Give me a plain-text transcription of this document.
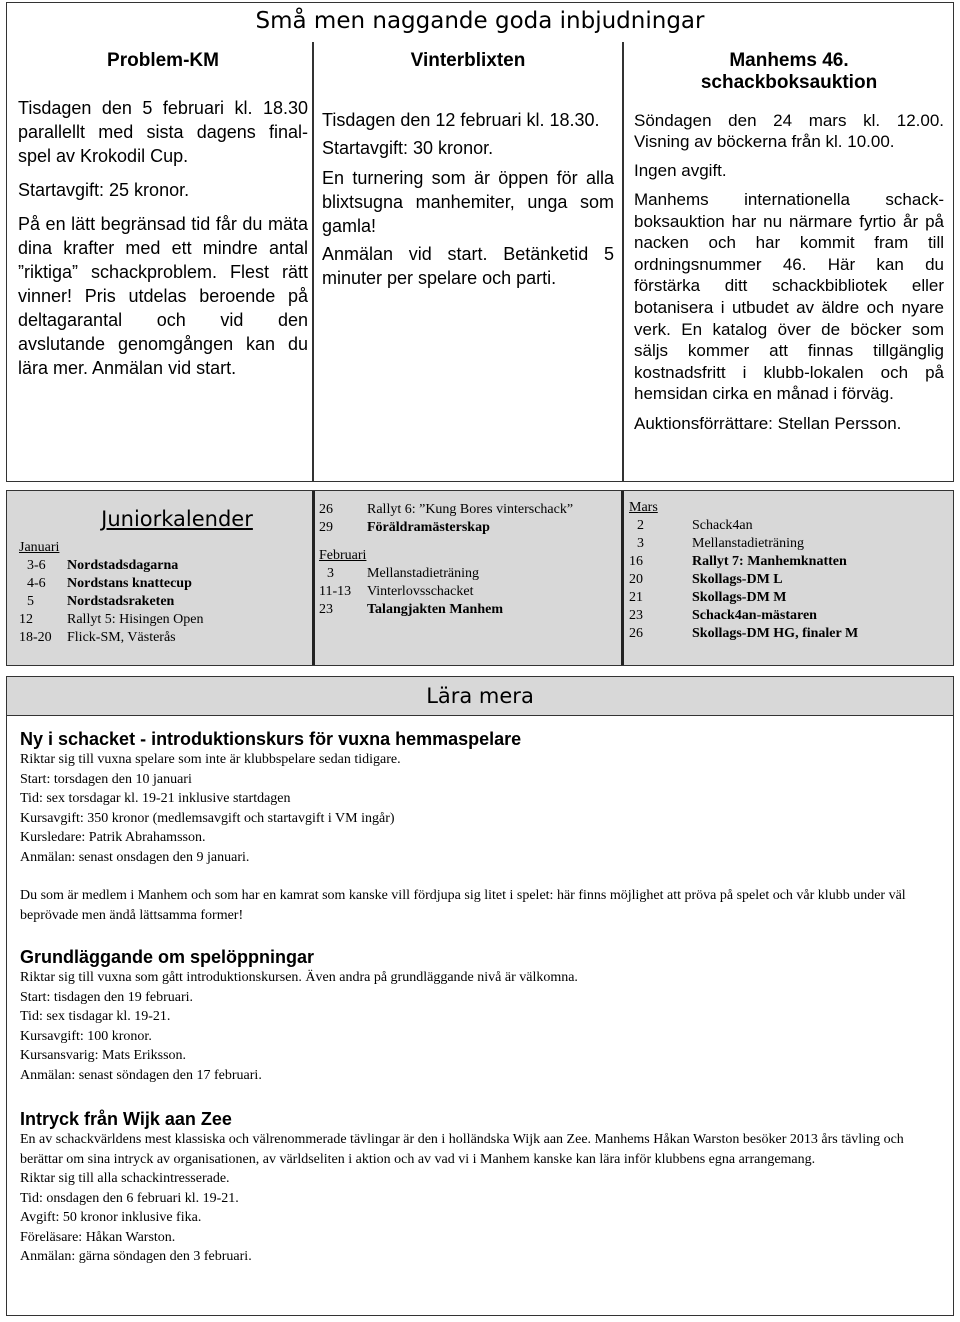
Små men naggande goda inbjudningar
Problem-KM

Tisdagen den 5 februari kl. 18.30 parallellt med sista dagens final-spel av Krokodil Cup.

Startavgift: 25 kronor.

På en lätt begränsad tid får du mäta dina krafter med ett mindre antal ”riktiga” schackproblem. Flest rätt vinner! Pris utdelas beroende på deltagarantal och vid den avslutande genomgången kan du lära mer. Anmälan vid start.

Vinterblixten

Tisdagen den 12 februari kl. 18.30.

Startavgift: 30 kronor.

En turnering som är öppen för alla blixtsugna manhemiter, unga som gamla!

Anmälan vid start. Betänketid 5 minuter per spelare och parti.

Manhems 46.
schackboksauktion

Söndagen den 24 mars kl. 12.00. Visning av böckerna från kl. 10.00.

Ingen avgift.

Manhems internationella schack-boksauktion har nu närmare fyrtio år på nacken och har kommit fram till ordningsnummer 46. Här kan du förstärka ditt schackbibliotek eller botanisera i utbudet av äldre och nyare verk. En katalog över de böcker som säljs kommer att finnas tillgänglig kostnadsfritt i klubb-lokalen och på hemsidan cirka en månad i förväg.

Auktionsförrättare: Stellan Persson.

Juniorkalender
Januari
3-6	Nordstadsdagarna
4-6	Nordstans knattecup
5	Nordstadsraketen
12	Rallyt 5: Hisingen Open
18-20	Flick-SM, Västerås
26	Rallyt 6: ”Kung Bores vinterschack”
29	Föräldramästerskap
Februari
3	Mellanstadieträning
11-13	Vinterlovsschacket
23	Talangjakten Manhem
Mars
2	Schack4an
3	Mellanstadieträning
16	Rallyt 7: Manhemknatten
20	Skollags-DM L
21	Skollags-DM M
23	Schack4an-mästaren
26	Skollags-DM HG, finaler M
Lära mera
Ny i schacket - introduktionskurs för vuxna hemmaspelare
Riktar sig till vuxna spelare som inte är klubbspelare sedan tidigare.
Start: torsdagen den 10 januari
Tid: sex torsdagar kl. 19-21 inklusive startdagen
Kursavgift: 350 kronor (medlemsavgift och startavgift i VM ingår)
Kursledare: Patrik Abrahamsson.
Anmälan: senast onsdagen den 9 januari.
Du som är medlem i Manhem och som har en kamrat som kanske vill fördjupa sig litet i spelet: här finns möjlighet att pröva på spelet och vår klubb under väl beprövade men ändå lättsamma former!
Grundläggande om spelöppningar
Riktar sig till vuxna som gått introduktionskursen. Även andra på grundläggande nivå är välkomna.
Start: tisdagen den 19 februari.
Tid: sex tisdagar kl. 19-21.
Kursavgift: 100 kronor.
Kursansvarig: Mats Eriksson.
Anmälan: senast söndagen den 17 februari.
Intryck från Wijk aan Zee
En av schackvärldens mest klassiska och välrenommerade tävlingar är den i holländska Wijk aan Zee. Manhems Håkan Warston besöker 2013 års tävling och berättar om sina intryck av organisationen, av världseliten i aktion och av vad vi i Manhem kanske kan lära inför klubbens egna arrangemang.
Riktar sig till alla schackintresserade.
Tid: onsdagen den 6 februari kl. 19-21.
Avgift: 50 kronor inklusive fika.
Föreläsare: Håkan Warston.
Anmälan: gärna söndagen den 3 februari.
